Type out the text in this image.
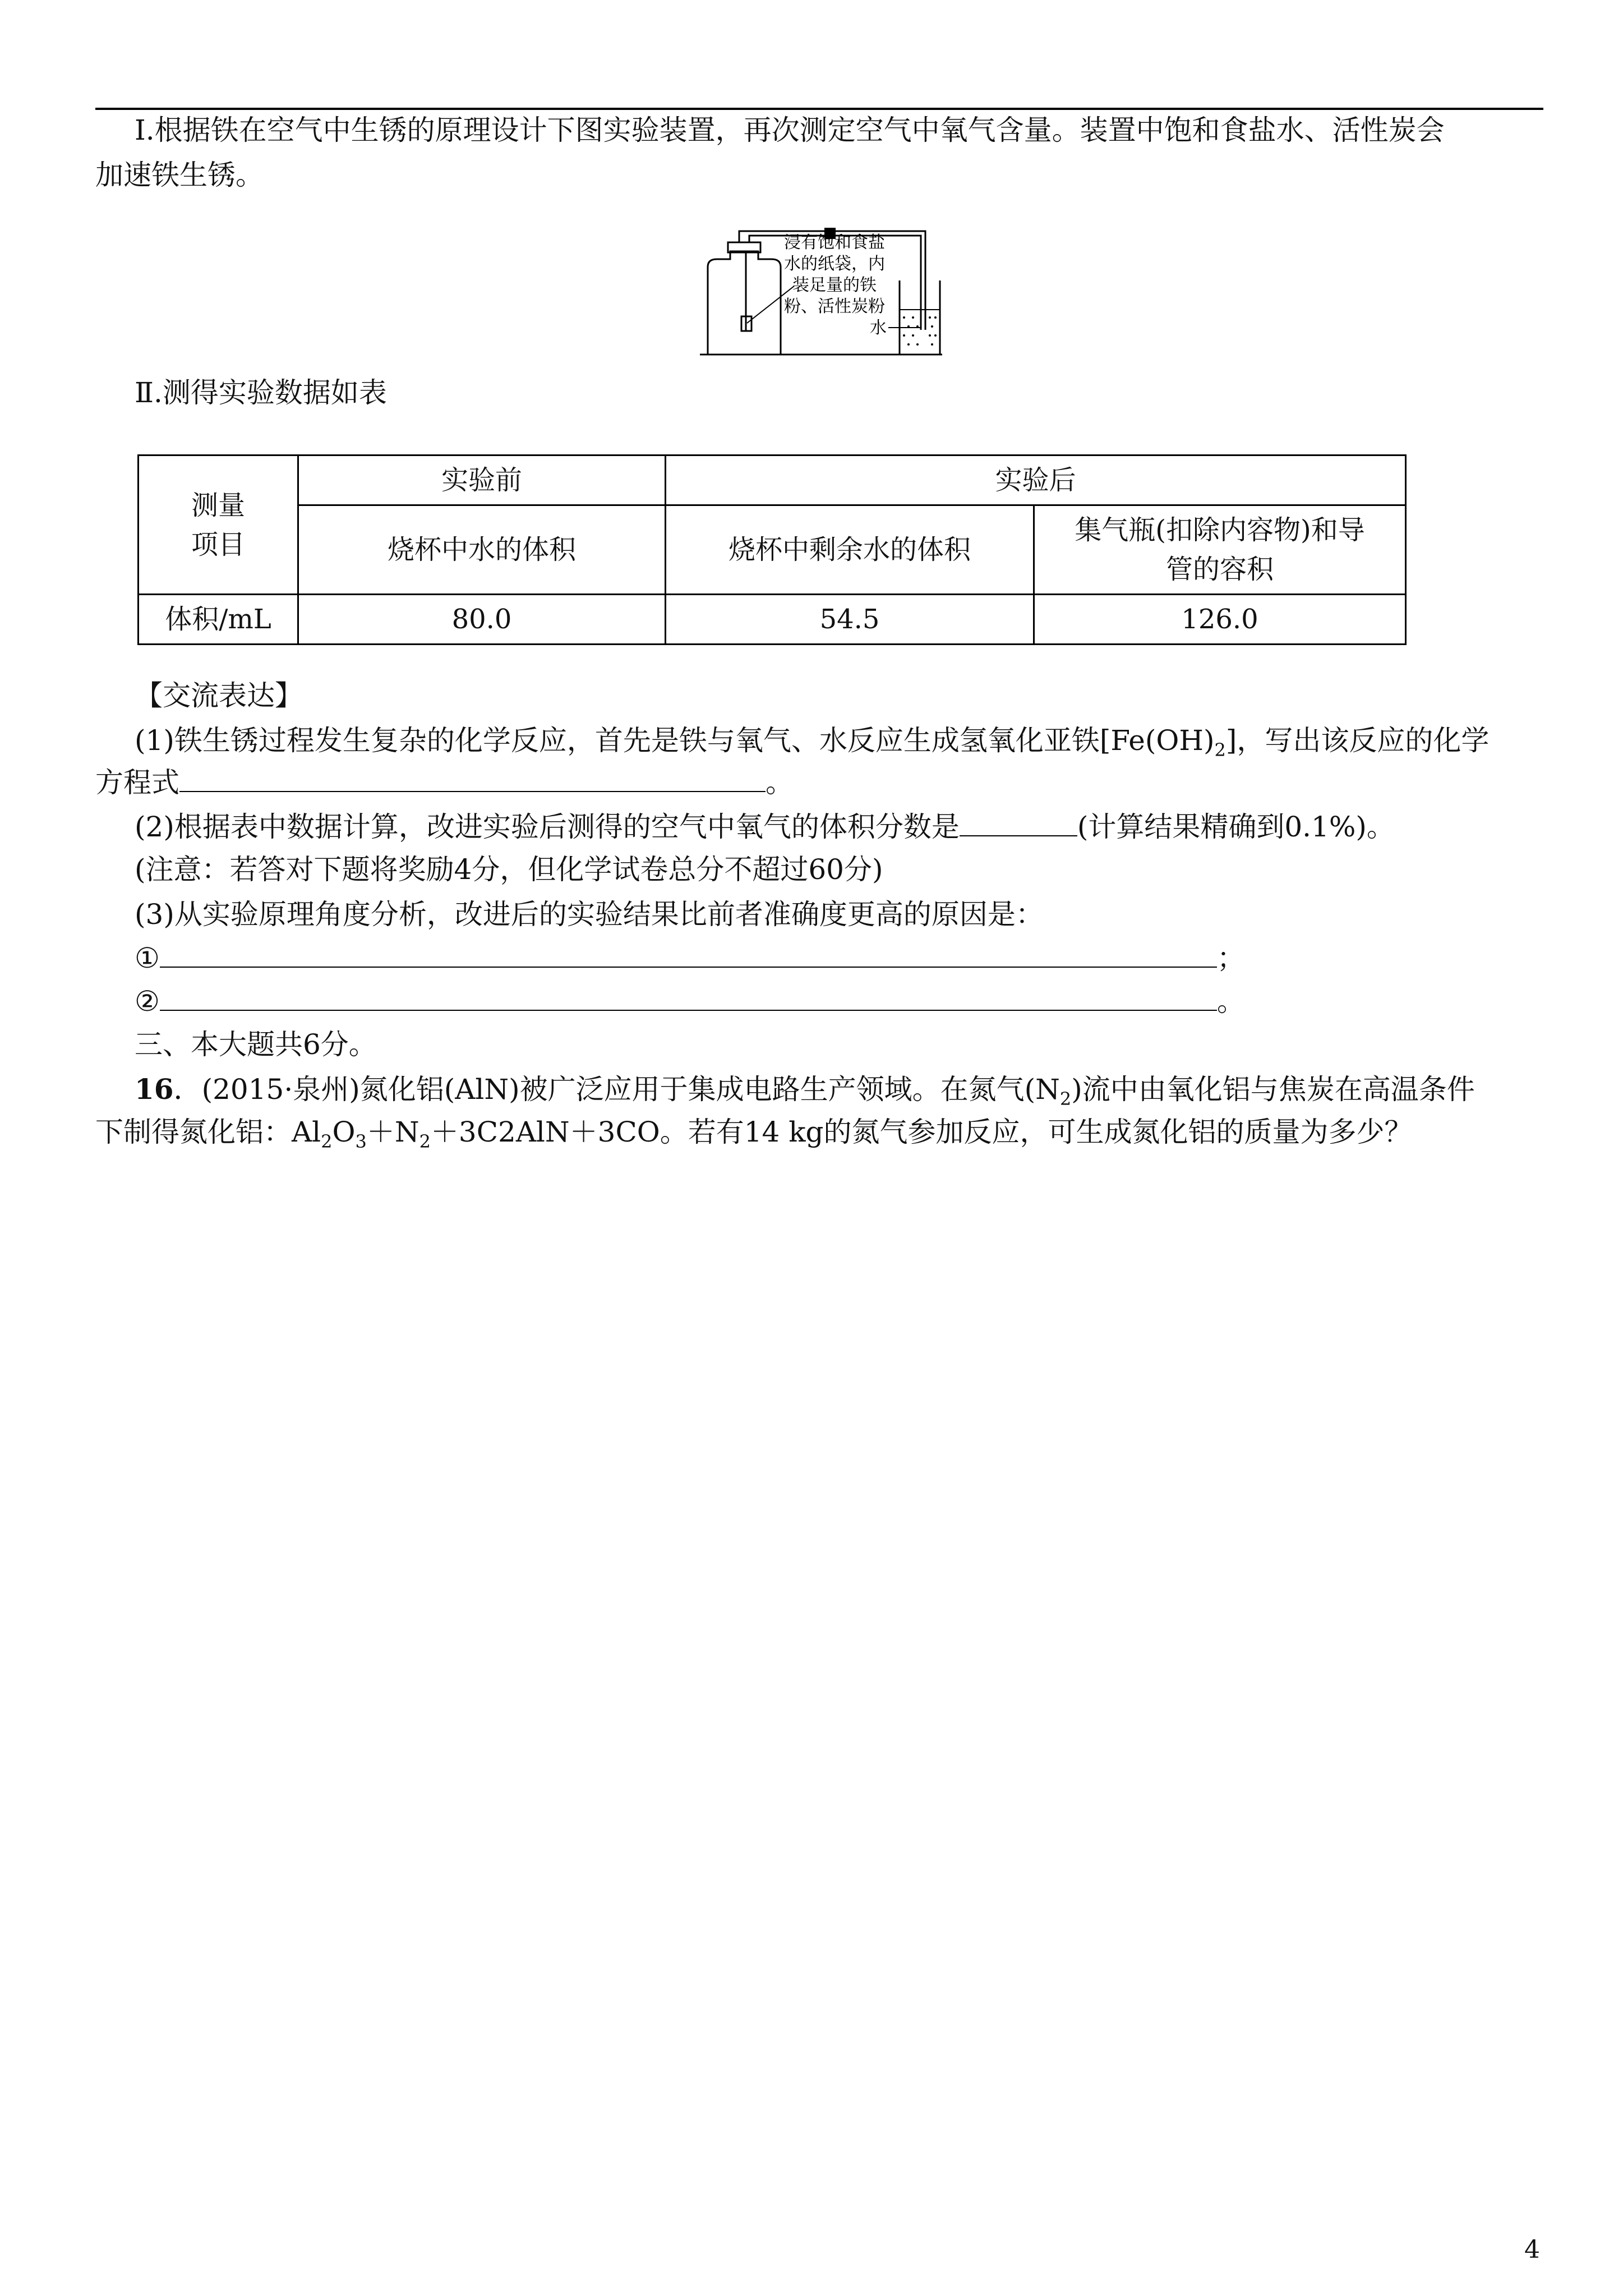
Ⅰ.根据铁在空气中生锈的原理设计下图实验装置，再次测定空气中氧气含量。装置中饱和食盐水、活性炭会
加速铁生锈。
浸有饱和食盐
水的纸袋，内
装足量的铁
粉、活性炭粉
水
Ⅱ.测得实验数据如表
测量
项目	实验前	实验后	
	烧杯中水的体积	烧杯中剩余水的体积	集气瓶(扣除内容物)和导
管的容积

体积/mL	80.0	54.5	126.0
【交流表达】
(1)铁生锈过程发生复杂的化学反应，首先是铁与氧气、水反应生成氢氧化亚铁$[Fe(OH)_2]$，写出该反应的化学
方程式	。
(2)根据表中数据计算，改进实验后测得的空气中氧气的体积分数是	(计算结果精确到0.1%)。
(注意：若答对下题将奖励4分，但化学试卷总分不超过60分)
(3)从实验原理角度分析，改进后的实验结果比前者准确度更高的原因是：
①	；
②	。
三、本大题共6分。
16．(2015·泉州)氮化铝(AlN)被广泛应用于集成电路生产领域。在氮气$(N_2)$流中由氧化铝与焦炭在高温条件
下制得氮化铝：$Al_2O_3+N_2+3C2AlN+3CO$。若有14 kg的氮气参加反应，可生成氮化铝的质量为多少？
4
